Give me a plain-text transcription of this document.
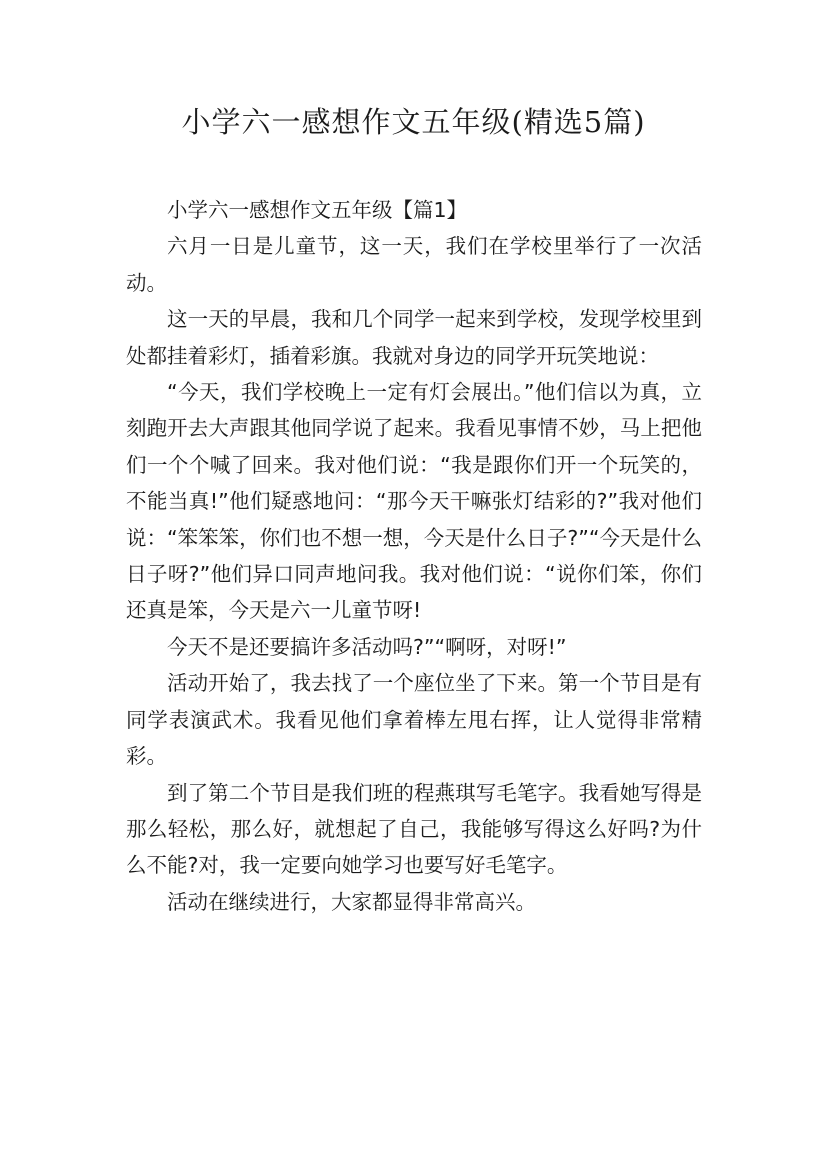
小学六一感想作文五年级(精选5篇)

小学六一感想作文五年级【篇1】

六月一日是儿童节，这一天，我们在学校里举行了一次活动。

这一天的早晨，我和几个同学一起来到学校，发现学校里到处都挂着彩灯，插着彩旗。我就对身边的同学开玩笑地说：

“今天，我们学校晚上一定有灯会展出。”他们信以为真，立刻跑开去大声跟其他同学说了起来。我看见事情不妙，马上把他们一个个喊了回来。我对他们说：“我是跟你们开一个玩笑的，不能当真!”他们疑惑地问：“那今天干嘛张灯结彩的?”我对他们说：“笨笨笨，你们也不想一想，今天是什么日子?”“今天是什么日子呀?”他们异口同声地问我。我对他们说：“说你们笨，你们还真是笨，今天是六一儿童节呀!

今天不是还要搞许多活动吗?”“啊呀，对呀!”

活动开始了，我去找了一个座位坐了下来。第一个节目是有同学表演武术。我看见他们拿着棒左甩右挥，让人觉得非常精彩。

到了第二个节目是我们班的程燕琪写毛笔字。我看她写得是那么轻松，那么好，就想起了自己，我能够写得这么好吗?为什么不能?对，我一定要向她学习也要写好毛笔字。

活动在继续进行，大家都显得非常高兴。
